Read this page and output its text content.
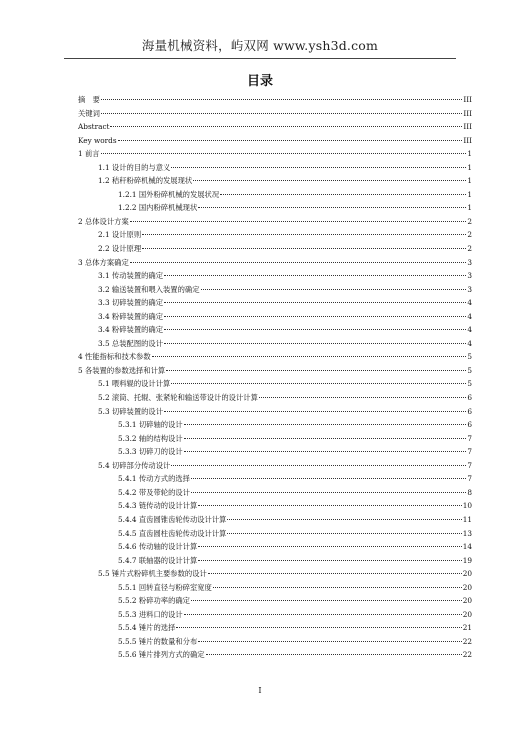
海量机械资料，屿双网 www.ysh3d.com
目录
摘　要	III
关键词	III
Abstract	III
Key words	III
1 前言	1
1.1 设计的目的与意义	1
1.2 秸秆粉碎机械的发展现状	1
1.2.1 国外粉碎机械的发展状况	1
1.2.2 国内粉碎机械现状	1
2 总体设计方案	2
2.1 设计原则	2
2.2 设计原理	2
3 总体方案确定	3
3.1 传动装置的确定	3
3.2 输送装置和喂入装置的确定	3
3.3 切碎装置的确定	4
3.4 粉碎装置的确定	4
3.4 粉碎装置的确定	4
3.5 总装配图的设计	4
4 性能指标和技术参数	5
5 各装置的参数选择和计算	5
5.1 喂料辊的设计计算	5
5.2 滚筒、托辊、张紧轮和输送带设计的设计计算	6
5.3 切碎装置的设计	6
5.3.1 切碎轴的设计	6
5.3.2 轴的结构设计	7
5.3.3 切碎刀的设计	7
5.4 切碎部分传动设计	7
5.4.1 传动方式的选择	7
5.4.2 带及带轮的设计	8
5.4.3 链传动的设计计算	10
5.4.4 直齿圆锥齿轮传动设计计算	11
5.4.5 直齿圆柱齿轮传动设计计算	13
5.4.6 传动轴的设计计算	14
5.4.7 联轴器的设计计算	19
5.5 锤片式粉碎机主要参数的设计	20
5.5.1 回转直径与粉碎室宽度	20
5.5.2 粉碎功率的确定	20
5.5.3 进料口的设计	20
5.5.4 锤片的选择	21
5.5.5 锤片的数量和分布	22
5.5.6 锤片排列方式的确定	22
I
